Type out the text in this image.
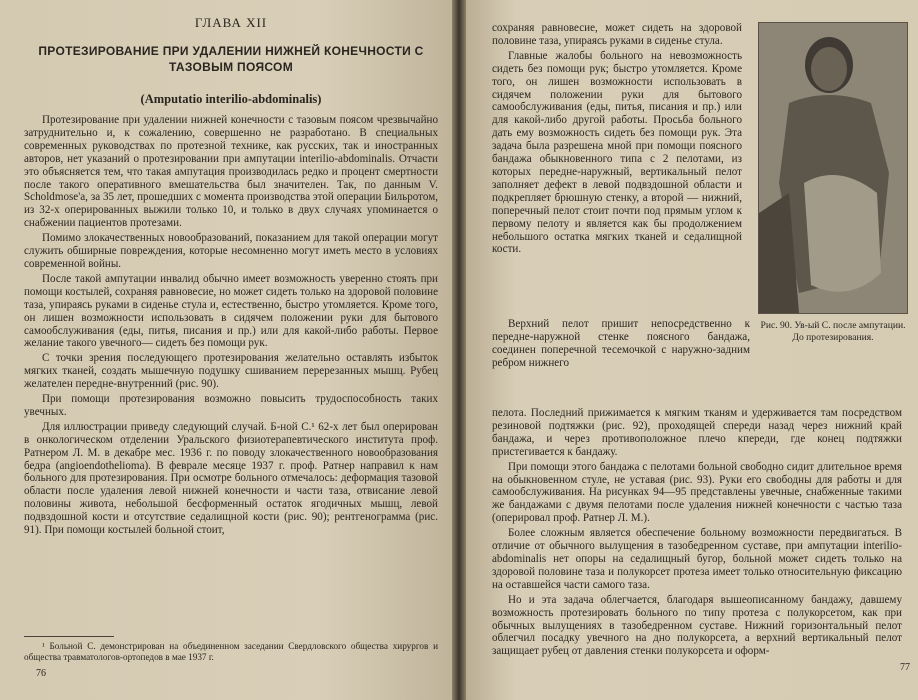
ГЛАВА XII
ПРОТЕЗИРОВАНИЕ ПРИ УДАЛЕНИИ НИЖНЕЙ КОНЕЧНОСТИ С ТАЗОВЫМ ПОЯСОМ
(Amputatio interilio-abdominalis)

Протезирование при удалении нижней конечности с тазовым поясом чрезвычайно затруднительно и, к сожалению, совершенно не разработано. В специальных современных руководствах по протезной технике, как русских, так и иностранных авторов, нет указаний о протезировании при ампутации interilio-abdominalis. Отчасти это объясняется тем, что такая ампутация производилась редко и процент смертности после такого оперативного вмешательства был значителен. Так, по данным V. Scholdmose'а, за 35 лет, прошедших с момента производства этой операции Бильротом, из 32-х оперированных выжили только 10, и только в двух случаях упоминается о снабжении пациентов протезами.

Помимо злокачественных новообразований, показанием для такой операции могут служить обширные повреждения, которые несомненно могут иметь место в условиях современной войны.

После такой ампутации инвалид обычно имеет возможность уверенно стоять при помощи костылей, сохраняя равновесие, но может сидеть только на здоровой половине таза, упираясь руками в сиденье стула и, естественно, быстро утомляется. Кроме того, он лишен возможности использовать в сидячем положении руки для бытового самообслуживания (еды, питья, писания и пр.) или для какой-либо работы. Первое желание такого увечного— сидеть без помощи рук.

С точки зрения последующего протезирования желательно оставлять избыток мягких тканей, создать мышечную подушку сшиванием перерезанных мышц. Рубец желателен передне-внутренний (рис. 90).

При помощи протезирования возможно повысить трудоспособность таких увечных.

Для иллюстрации приведу следующий случай. Б-ной С.¹ 62-х лет был оперирован в онкологическом отделении Уральского физиотерапевтического института проф. Ратнером Л. М. в декабре мес. 1936 г. по поводу злокачественного новообразования бедра (angioendothelioma). В феврале месяце 1937 г. проф. Ратнер направил к нам больного для протезирования. При осмотре больного отмечалось: деформация тазовой области после удаления левой нижней конечности и части таза, отвисание левой половины живота, небольшой бесформенный остаток ягодичных мышц, левой подвздошной кости и отсутствие седалищной кости (рис. 90); рентгенограмма (рис. 91). При помощи костылей больной стоит,

¹ Больной С. демонстрирован на объединенном заседании Свердловского общества хирургов и общества травматологов-ортопедов в мае 1937 г.
76

сохраняя равновесие, может сидеть на здоровой половине таза, упираясь руками в сиденье стула.

Главные жалобы больного на невозможность сидеть без помощи рук; быстро утомляется. Кроме того, он лишен возможности использовать в сидячем положении руки для бытового самообслуживания (еды, питья, писания и пр.) или для какой-либо другой работы. Просьба больного дать ему возможность сидеть без помощи рук. Эта задача была разрешена мной при помощи поясного бандажа обыкновенного типа с 2 пелотами, из которых передне-наружный, вертикальный пелот заполняет дефект в левой подвздошной области и подкрепляет брюшную стенку, а второй — нижний, поперечный пелот стоит почти под прямым углом к первому пелоту и является как бы продолжением небольшого остатка мягких тканей и седалищной кости.

Рис. 90. Ув-ый С. после ампутации. До протезирования.

Верхний пелот пришит непосредственно к передне-наружной стенке поясного бандажа, соединен поперечной тесемочкой с наружно-задним ребром нижнего

пелота. Последний прижимается к мягким тканям и удерживается там посредством резиновой подтяжки (рис. 92), проходящей спереди назад через нижний край бандажа, и через противоположное плечо кпереди, где конец подтяжки пристегивается к бандажу.

При помощи этого бандажа с пелотами больной свободно сидит длительное время на обыкновенном стуле, не уставая (рис. 93). Руки его свободны для работы и для самообслуживания. На рисунках 94—95 представлены увечные, снабженные такими же бандажами с двумя пелотами после удаления нижней конечности с частью таза (оперировал проф. Ратнер Л. М.).

Более сложным является обеспечение больному возможности передвигаться. В отличие от обычного вылущения в тазобедренном суставе, при ампутации interilio-abdominalis нет опоры на седалищный бугор, больной может сидеть только на здоровой половине таза и полукорсет протеза имеет только относительную фиксацию на оставшейся части самого таза.

Но и эта задача облегчается, благодаря вышеописанному бандажу, давшему возможность протезировать больного по типу протеза с полукорсетом, как при обычных вылущениях в тазобедренном суставе. Нижний горизонтальный пелот облегчил посадку увечного на дно полукорсета, а верхний вертикальный пелот защищает рубец от давления стенки полукорсета и оформ-

77
